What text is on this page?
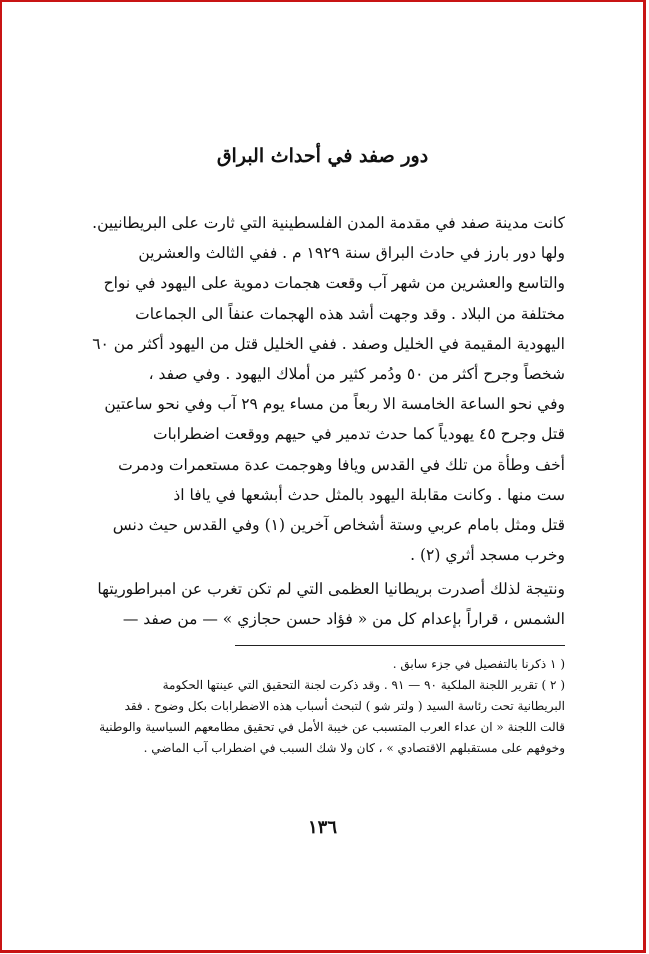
دور صفد في أحداث البراق

كانت مدينة صفد في مقدمة المدن الفلسطينية التي ثارت على البريطانيين.
ولها دور بارز في حادث البراق سنة ١٩٢٩ م . ففي الثالث والعشرين
والتاسع والعشرين من شهر آب وقعت هجمات دموية على اليهود في نواح
مختلفة من البلاد . وقد وجهت أشد هذه الهجمات عنفاً الى الجماعات
اليهودية المقيمة في الخليل وصفد . ففي الخليل قتل من اليهود أكثر من ٦٠
شخصاً وجرح أكثر من ٥٠ ودُمر كثير من أملاك اليهود . وفي صفد ،
وفي نحو الساعة الخامسة الا ربعاً من مساء يوم ٢٩ آب وفي نحو ساعتين
قتل وجرح ٤٥ يهودياً كما حدث تدمير في حيهم ووقعت اضطرابات
أخف وطأة من تلك في القدس ويافا وهوجمت عدة مستعمرات ودمرت
ست منها . وكانت مقابلة اليهود بالمثل حدث أبشعها في يافا اذ
قتل ومثل بامام عربي وستة أشخاص آخرين (١) وفي القدس حيث دنس
وخرب مسجد أثري (٢) .

ونتيجة لذلك أصدرت بريطانيا العظمى التي لم تكن تغرب عن امبراطوريتها
الشمس ، قراراً بإعدام كل من « فؤاد حسن حجازي » — من صفد —

( ١ ذكرنا بالتفصيل في جزء سابق .
( ٢ ) تقرير اللجنة الملكية ٩٠ — ٩١ . وقد ذكرت لجنة التحقيق التي عينتها الحكومة
البريطانية تحت رئاسة السيد ( ولتر شو ) لتبحث أسباب هذه الاضطرابات بكل وضوح . فقد
قالت اللجنة « ان عداء العرب المتسبب عن خيبة الأمل في تحقيق مطامعهم السياسية والوطنية
وخوفهم على مستقبلهم الاقتصادي » ، كان ولا شك السبب في اضطراب آب الماضي .
١٣٦
